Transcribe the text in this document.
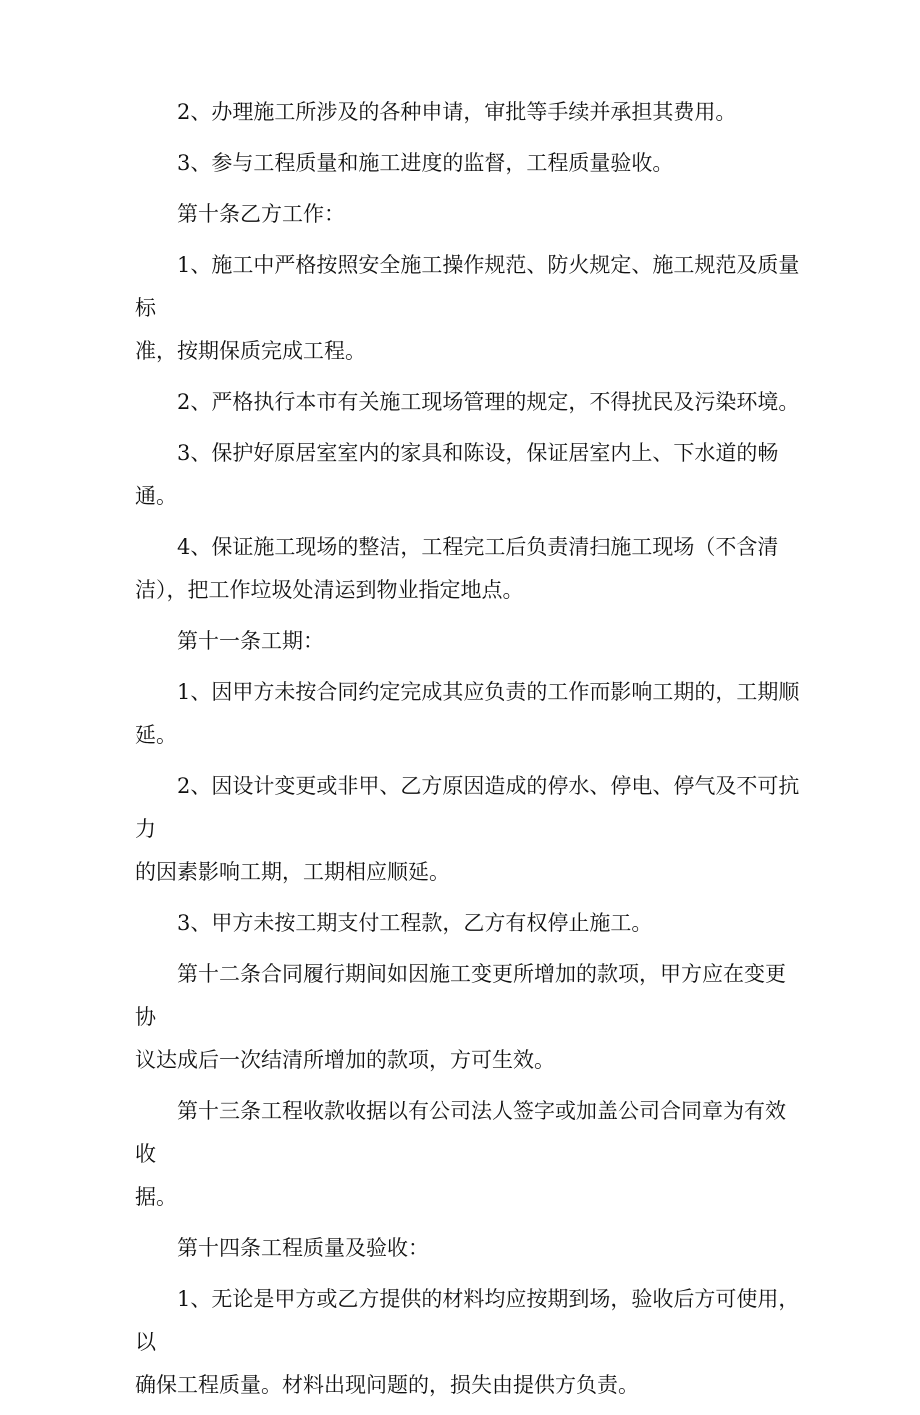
2、办理施工所涉及的各种申请，审批等手续并承担其费用。

3、参与工程质量和施工进度的监督，工程质量验收。

第十条乙方工作：

1、施工中严格按照安全施工操作规范、防火规定、施工规范及质量标
准，按期保质完成工程。

2、严格执行本市有关施工现场管理的规定，不得扰民及污染环境。

3、保护好原居室室内的家具和陈设，保证居室内上、下水道的畅通。

4、保证施工现场的整洁，工程完工后负责清扫施工现场（不含清
洁），把工作垃圾处清运到物业指定地点。

第十一条工期：

1、因甲方未按合同约定完成其应负责的工作而影响工期的，工期顺延。

2、因设计变更或非甲、乙方原因造成的停水、停电、停气及不可抗力
的因素影响工期，工期相应顺延。

3、甲方未按工期支付工程款，乙方有权停止施工。

第十二条合同履行期间如因施工变更所增加的款项，甲方应在变更协
议达成后一次结清所增加的款项，方可生效。

第十三条工程收款收据以有公司法人签字或加盖公司合同章为有效收
据。

第十四条工程质量及验收：

1、无论是甲方或乙方提供的材料均应按期到场，验收后方可使用，以
确保工程质量。材料出现问题的，损失由提供方负责。
